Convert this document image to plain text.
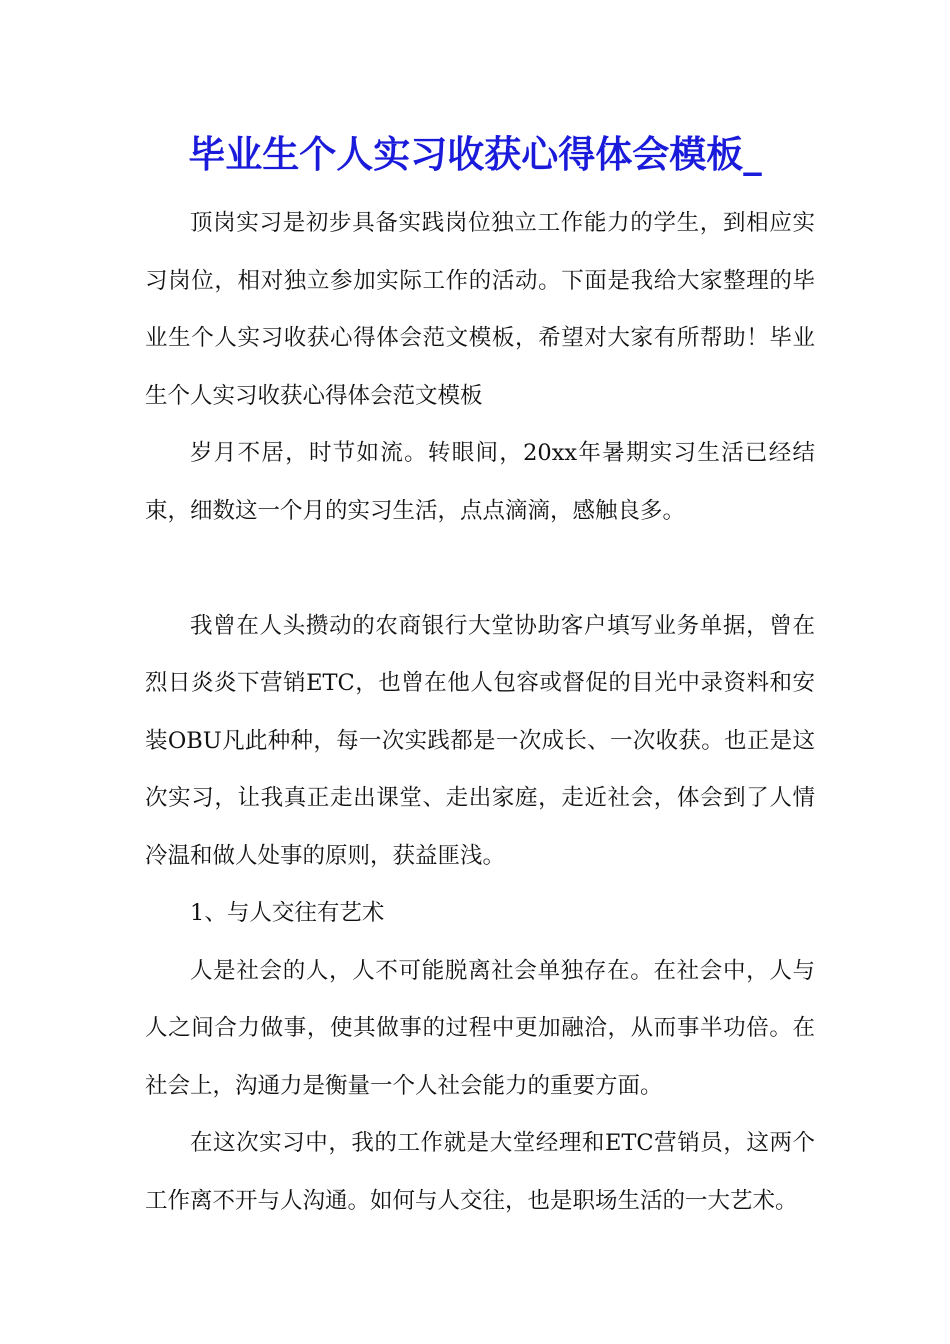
毕业生个人实习收获心得体会模板_

顶岗实习是初步具备实践岗位独立工作能力的学生，到相应实习岗位，相对独立参加实际工作的活动。下面是我给大家整理的毕业生个人实习收获心得体会范文模板，希望对大家有所帮助！毕业生个人实习收获心得体会范文模板

岁月不居，时节如流。转眼间，20xx年暑期实习生活已经结束，细数这一个月的实习生活，点点滴滴，感触良多。

我曾在人头攒动的农商银行大堂协助客户填写业务单据，曾在烈日炎炎下营销ETC，也曾在他人包容或督促的目光中录资料和安装OBU凡此种种，每一次实践都是一次成长、一次收获。也正是这次实习，让我真正走出课堂、走出家庭，走近社会，体会到了人情冷温和做人处事的原则，获益匪浅。

1、与人交往有艺术

人是社会的人，人不可能脱离社会单独存在。在社会中，人与人之间合力做事，使其做事的过程中更加融洽，从而事半功倍。在社会上，沟通力是衡量一个人社会能力的重要方面。

在这次实习中，我的工作就是大堂经理和ETC营销员，这两个工作离不开与人沟通。如何与人交往，也是职场生活的一大艺术。
